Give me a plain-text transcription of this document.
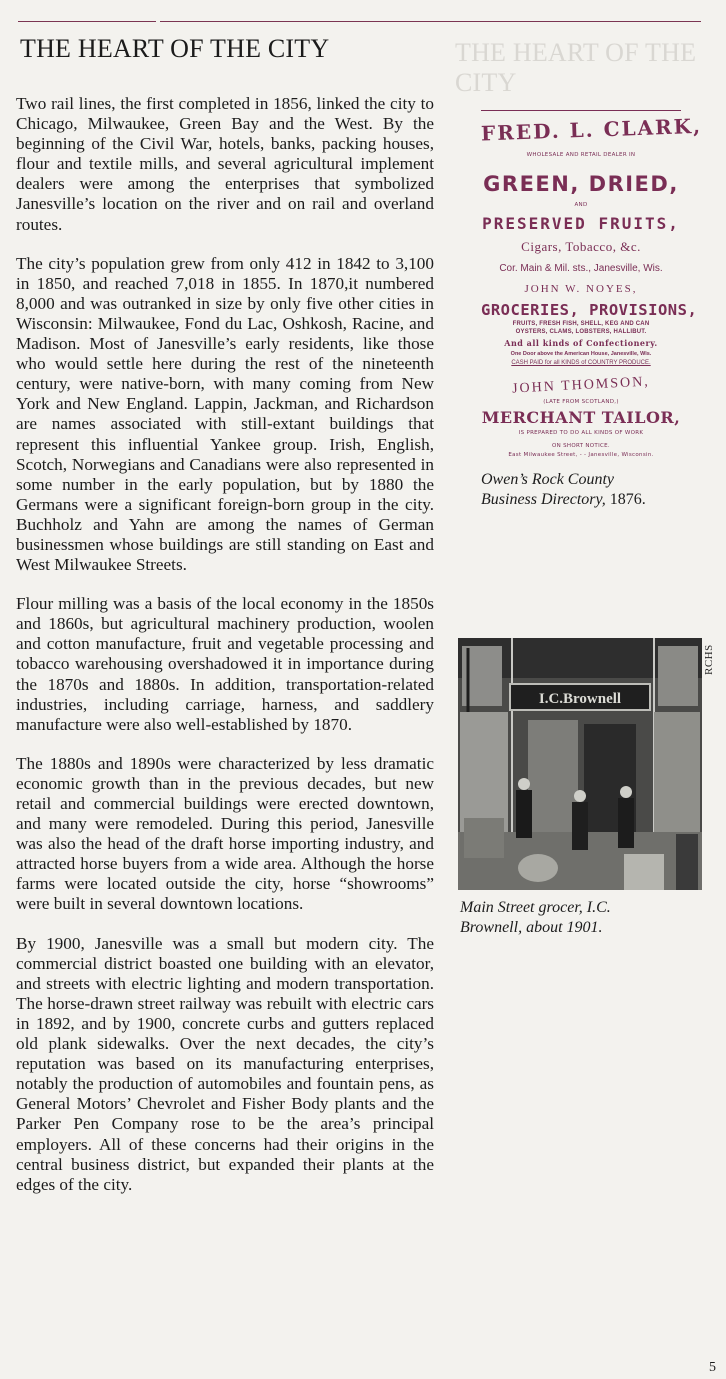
THE HEART OF THE CITY	THE HEART OF THE CITY

Two rail lines, the first completed in 1856, linked the city to Chicago, Milwaukee, Green Bay and the West. By the beginning of the Civil War, hotels, banks, packing houses, flour and textile mills, and several agricultural implement dealers were among the enterprises that symbolized Janesville’s location on the river and on rail and overland routes.

The city’s population grew from only 412 in 1842 to 3,100 in 1850, and reached 7,018 in 1855. In 1870,it numbered 8,000 and was outranked in size by only five other cities in Wisconsin: Milwaukee, Fond du Lac, Oshkosh, Racine, and Madison. Most of Janesville’s early residents, like those who would settle here during the rest of the nineteenth century, were native-born, with many coming from New York and New England. Lappin, Jackman, and Richardson are names associated with still-extant buildings that represent this influential Yankee group. Irish, English, Scotch, Norwegians and Canadians were also represented in some number in the early population, but by 1880 the Germans were a significant foreign-born group in the city. Buchholz and Yahn are among the names of German businessmen whose buildings are still standing on East and West Milwaukee Streets.

Flour milling was a basis of the local economy in the 1850s and 1860s, but agricultural machinery production, woolen and cotton manufacture, fruit and vegetable processing and tobacco warehousing overshadowed it in importance during the 1870s and 1880s. In addition, transportation-related industries, including carriage, harness, and saddlery manufacture were also well-established by 1870.

The 1880s and 1890s were characterized by less dramatic economic growth than in the previous decades, but new retail and commercial buildings were erected downtown, and many were remodeled. During this period, Janesville was also the head of the draft horse importing industry, and attracted horse buyers from a wide area. Although the horse farms were located outside the city, horse “showrooms” were built in several downtown locations.

By 1900, Janesville was a small but modern city. The commercial district boasted one building with an elevator, and streets with electric lighting and modern transportation. The horse-drawn street railway was rebuilt with electric cars in 1892, and by 1900, concrete curbs and gutters replaced old plank sidewalks. Over the next decades, the city’s reputation was based on its manufacturing enterprises, notably the production of automobiles and fountain pens, as General Motors’ Chevrolet and Fisher Body plants and the Parker Pen Company rose to be the area’s principal employers. All of these concerns had their origins in the central business district, but expanded their plants at the edges of the city.

FRED. L. CLARK,
WHOLESALE AND RETAIL DEALER IN
GREEN, DRIED,
AND
PRESERVED FRUITS,
Cigars, Tobacco, &c.
Cor. Main & Mil. sts., Janesville, Wis.
JOHN W. NOYES,
GROCERIES, PROVISIONS,
FRUITS, FRESH FISH, SHELL, KEG AND CAN
OYSTERS, CLAMS, LOBSTERS, HALLIBUT.
And all kinds of Confectionery.
One Door above the American House, Janesville, Wis.
CASH PAID for all KINDS of COUNTRY PRODUCE.
JOHN THOMSON,
(LATE FROM SCOTLAND,)
MERCHANT TAILOR,
IS PREPARED TO DO ALL KINDS OF WORK
ON SHORT NOTICE.
East Milwaukee Street, - - Janesville, Wisconsin.
Owen’s Rock County
Business Directory, 1876.
RCHS
I.C.Brownell
Main Street grocer, I.C.
Brownell, about 1901.
5
